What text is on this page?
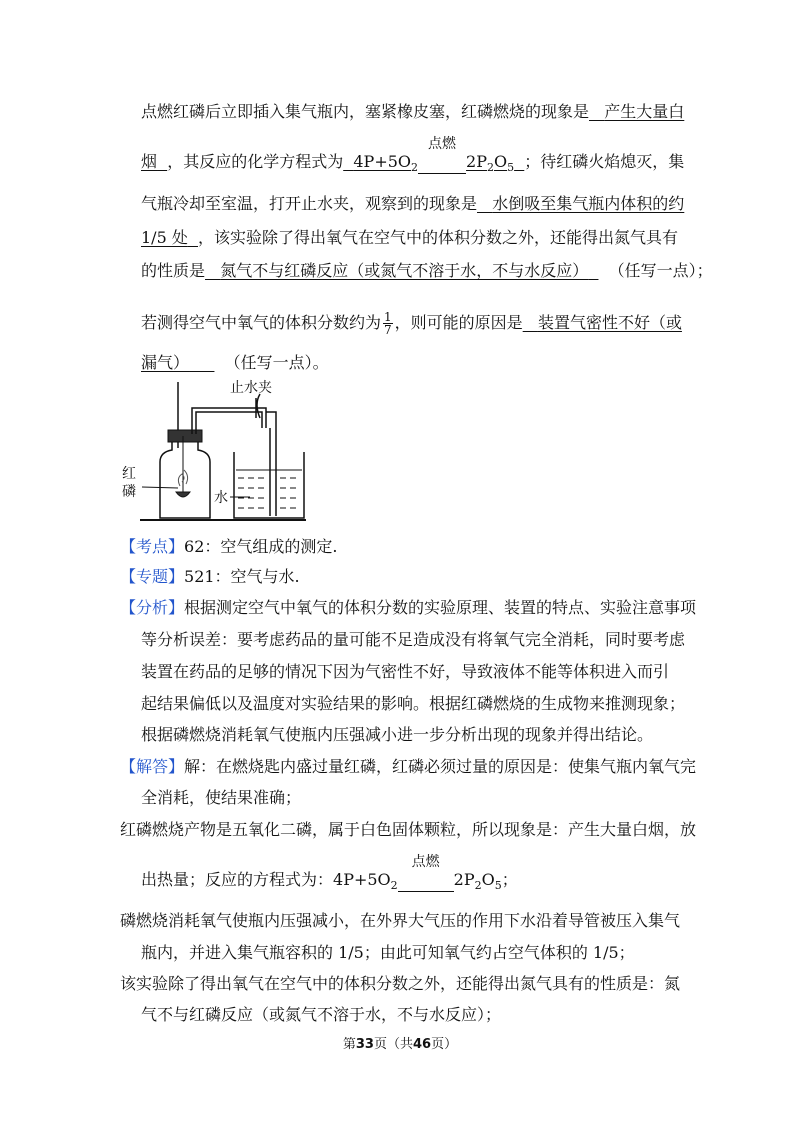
点燃红磷后立即插入集气瓶内，塞紧橡皮塞，红磷燃烧的现象是 产生大量白
烟 ，其反应的化学方程式为 $4P+5O_2$
点燃
$2P_2O_5$ ；待红磷火焰熄灭，集
气瓶冷却至室温，打开止水夹，观察到的现象是 水倒吸至集气瓶内体积的约
1/5 处 ，该实验除了得出氧气在空气中的体积分数之外，还能得出氮气具有
的性质是 氮气不与红磷反应（或氮气不溶于水，不与水反应） （任写一点）；
若测得空气中氧气的体积分数约为 $\frac{1}{7}$ ，则可能的原因是 装置气密性不好（或
漏气） （任写一点）。
止水夹
红
磷	水
【考点】62：空气组成的测定.
【专题】521：空气与水.
【分析】根据测定空气中氧气的体积分数的实验原理、装置的特点、实验注意事项
等分析误差：要考虑药品的量可能不足造成没有将氧气完全消耗，同时要考虑
装置在药品的足够的情况下因为气密性不好，导致液体不能等体积进入而引
起结果偏低以及温度对实验结果的影响。根据红磷燃烧的生成物来推测现象；
根据磷燃烧消耗氧气使瓶内压强减小进一步分析出现的现象并得出结论。
【解答】解：在燃烧匙内盛过量红磷，红磷必须过量的原因是：使集气瓶内氧气完
全消耗，使结果准确；
红磷燃烧产物是五氧化二磷，属于白色固体颗粒，所以现象是：产生大量白烟，放
出热量；反应的方程式为：$4P+5O_2$
点燃
$2P_2O_5$；
磷燃烧消耗氧气使瓶内压强减小，在外界大气压的作用下水沿着导管被压入集气
瓶内，并进入集气瓶容积的 1/5；由此可知氧气约占空气体积的 1/5；
该实验除了得出氧气在空气中的体积分数之外，还能得出氮气具有的性质是：氮
气不与红磷反应（或氮气不溶于水，不与水反应）；
第33页（共46页）
